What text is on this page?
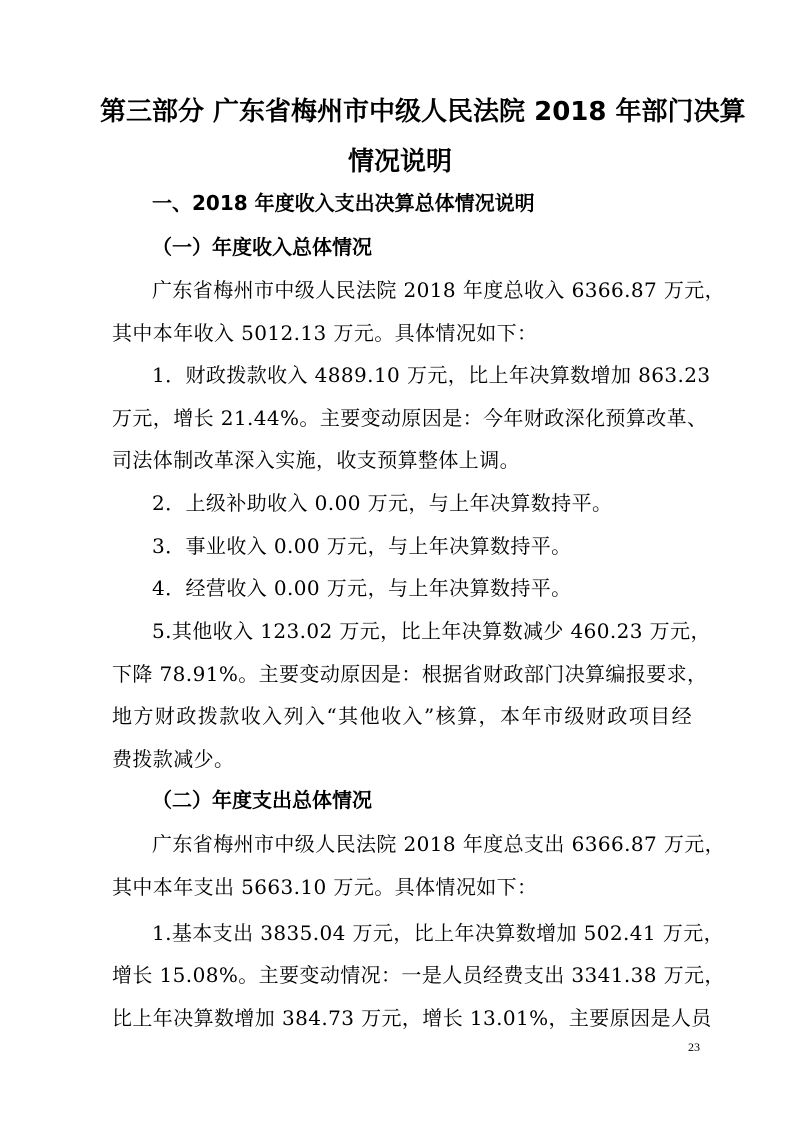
第三部分 广东省梅州市中级人民法院 2018 年部门决算
情况说明
一、2018 年度收入支出决算总体情况说明
（一）年度收入总体情况
广东省梅州市中级人民法院 2018 年度总收入 6366.87 万元，
其中本年收入 5012.13 万元。具体情况如下：
1．财政拨款收入 4889.10 万元，比上年决算数增加 863.23
万元，增长 21.44%。主要变动原因是：今年财政深化预算改革、
司法体制改革深入实施，收支预算整体上调。
2．上级补助收入 0.00 万元，与上年决算数持平。
3．事业收入 0.00 万元，与上年决算数持平。
4．经营收入 0.00 万元，与上年决算数持平。
5.其他收入 123.02 万元，比上年决算数减少 460.23 万元，
下降 78.91%。主要变动原因是：根据省财政部门决算编报要求，
地方财政拨款收入列入“其他收入”核算，本年市级财政项目经
费拨款减少。
（二）年度支出总体情况
广东省梅州市中级人民法院 2018 年度总支出 6366.87 万元，
其中本年支出 5663.10 万元。具体情况如下：
1.基本支出 3835.04 万元，比上年决算数增加 502.41 万元，
增长 15.08%。主要变动情况：一是人员经费支出 3341.38 万元，
比上年决算数增加 384.73 万元，增长 13.01%，主要原因是人员
23
